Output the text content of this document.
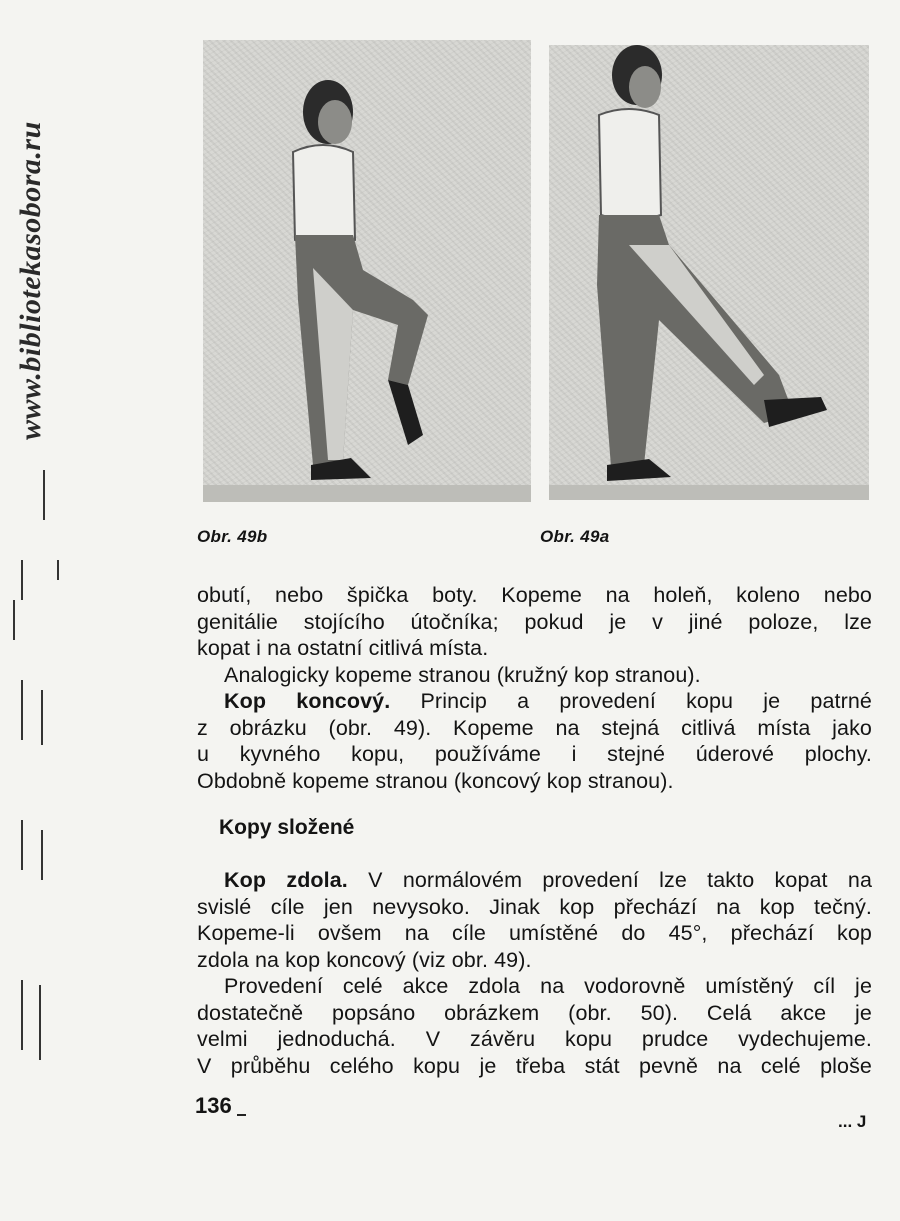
www.bibliotekasobora.ru
Obr. 49b	Obr. 49a

obutí, nebo špička boty. Kopeme na holeň, koleno nebo

genitálie stojícího útočníka; pokud je v jiné poloze, lze

kopat i na ostatní citlivá místa.

Analogicky kopeme stranou (kružný kop stranou).

Kop koncový. Princip a provedení kopu je patrné

z obrázku (obr. 49). Kopeme na stejná citlivá místa jako

u kyvného kopu, používáme i stejné úderové plochy.

Obdobně kopeme stranou (koncový kop stranou).

Kopy složené

Kop zdola. V normálovém provedení lze takto kopat na

svislé cíle jen nevysoko. Jinak kop přechází na kop tečný.

Kopeme-li ovšem na cíle umístěné do 45°, přechází kop

zdola na kop koncový (viz obr. 49).

Provedení celé akce zdola na vodorovně umístěný cíl je

dostatečně popsáno obrázkem (obr. 50). Celá akce je

velmi jednoduchá. V závěru kopu prudce vydechujeme.

V průběhu celého kopu je třeba stát pevně na celé ploše

136
... J
